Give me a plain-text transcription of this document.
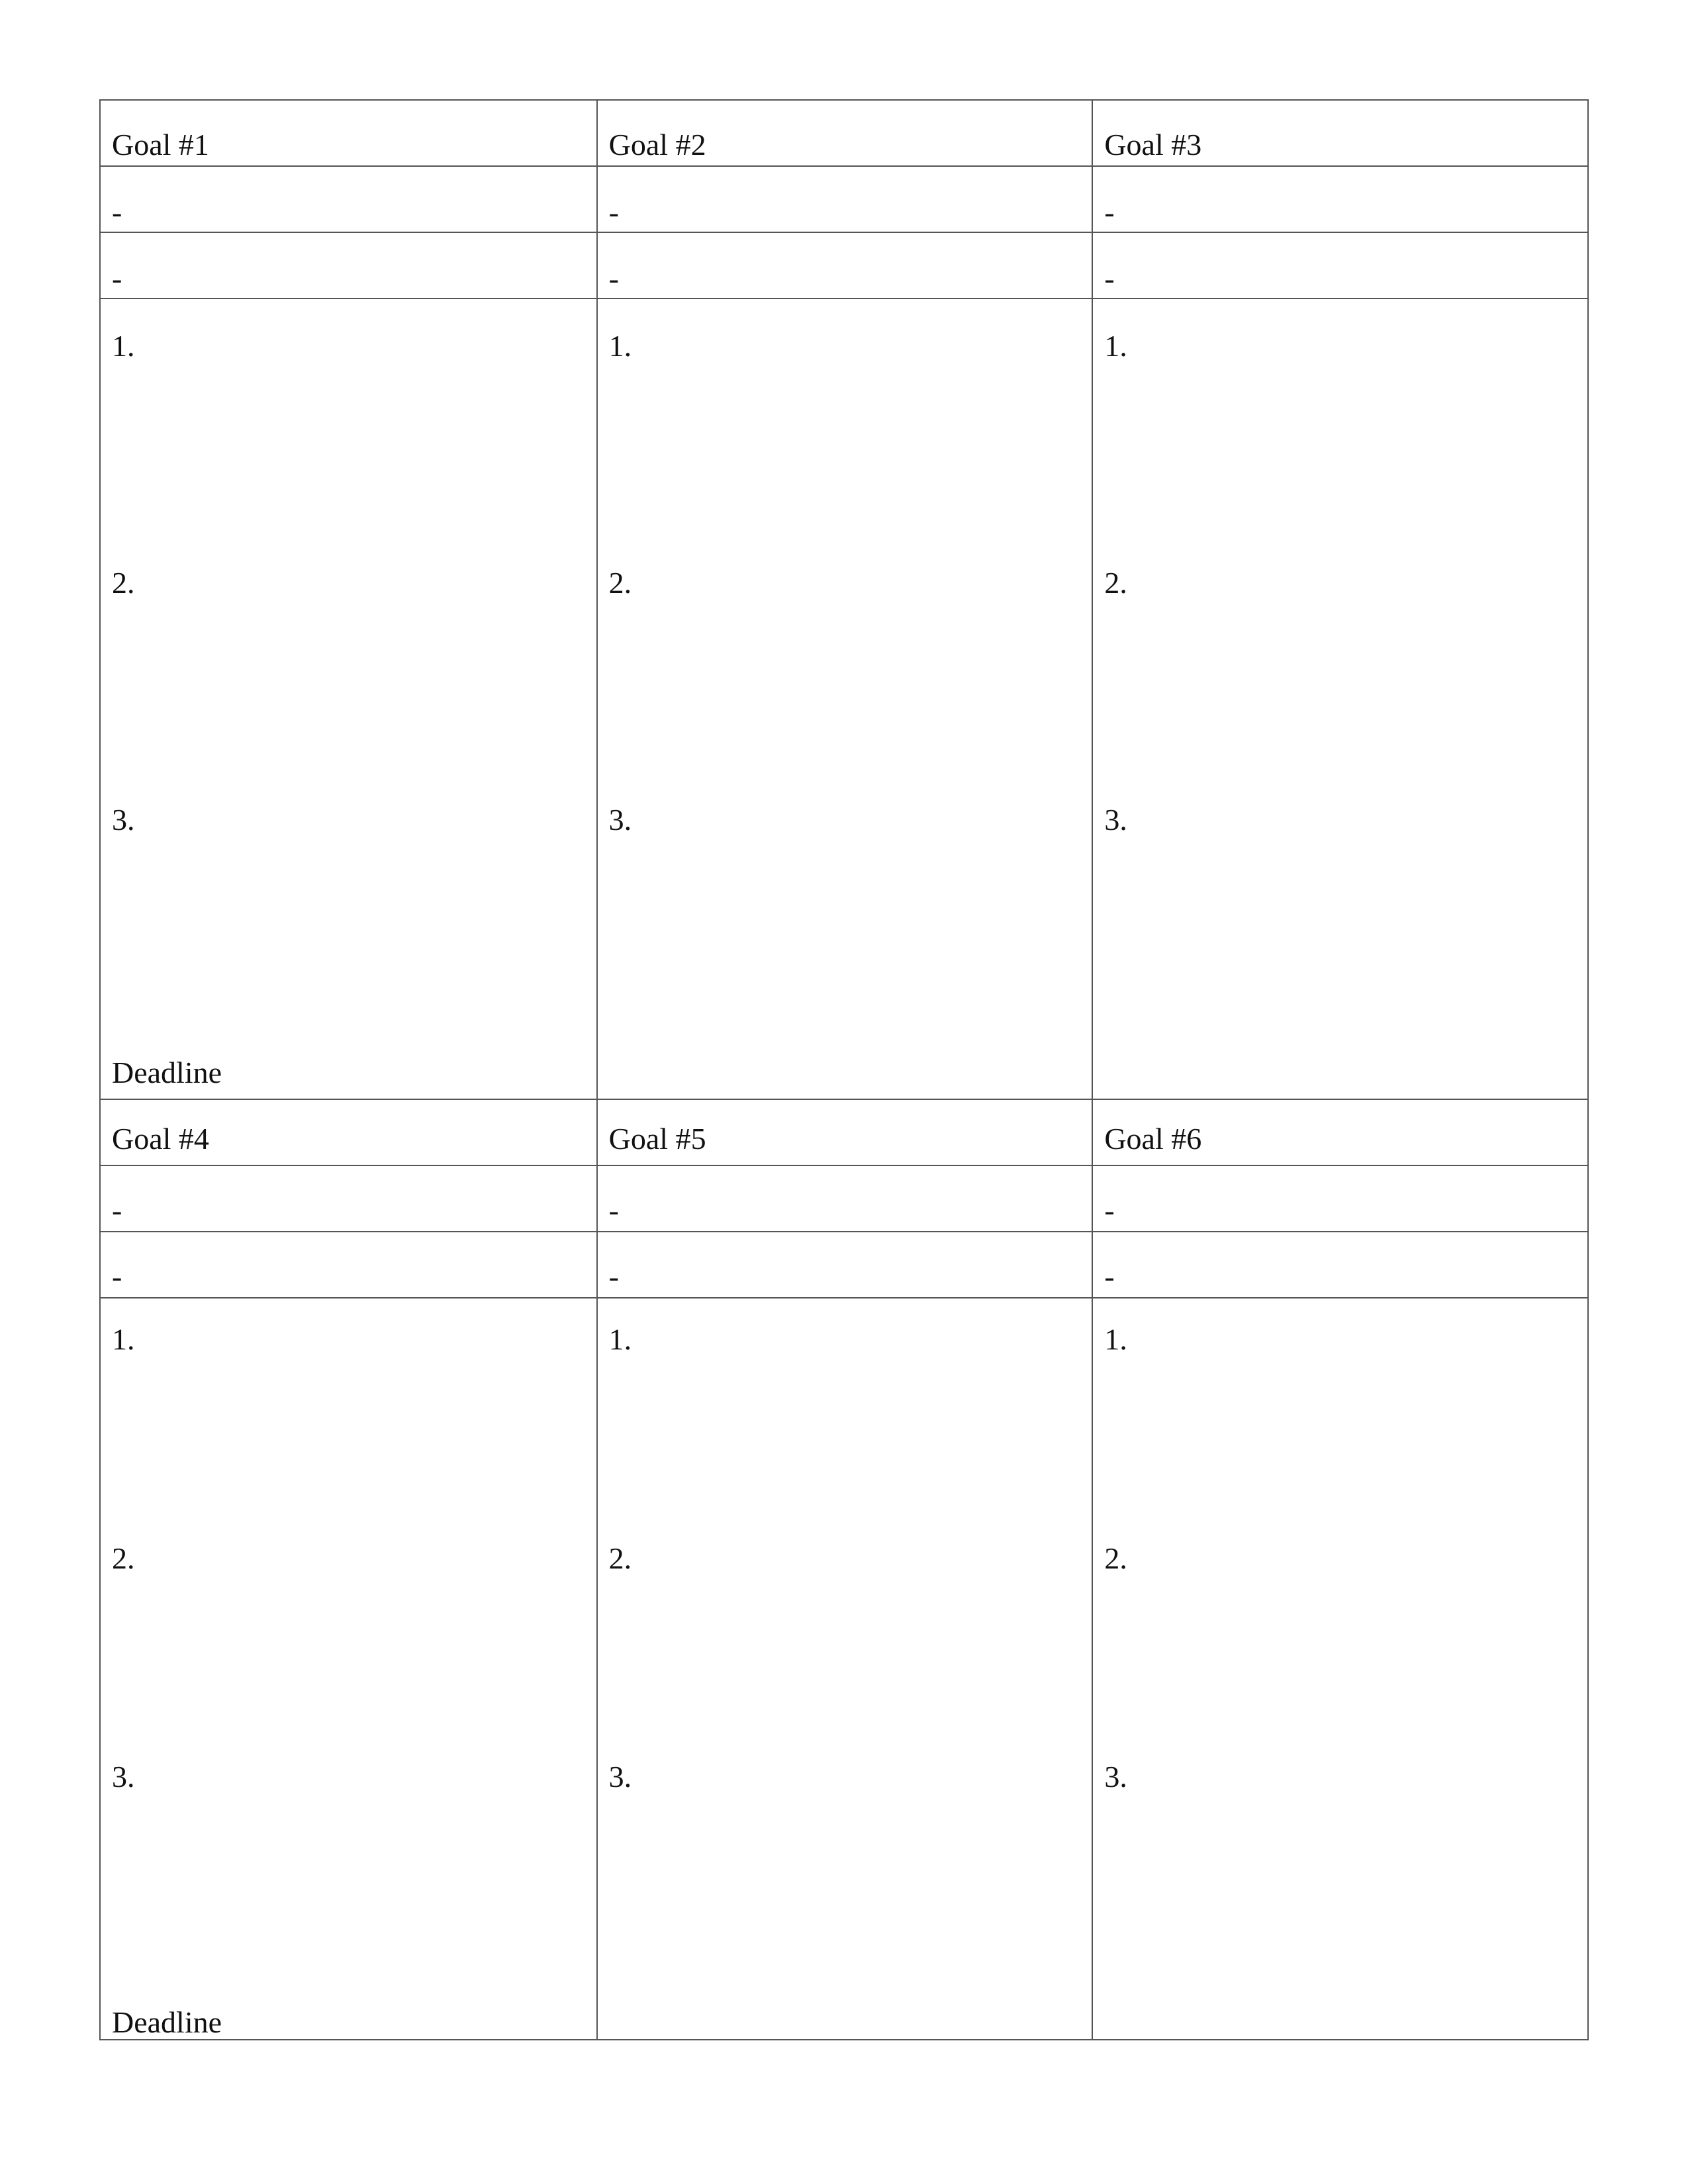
Goal #1
-
-
1.
2.
3.
Deadline
Goal #2
-
-
1.
2.
3.
Goal #3
-
-
1.
2.
3.
Goal #4
-
-
1.
2.
3.
Deadline
Goal #5
-
-
1.
2.
3.
Goal #6
-
-
1.
2.
3.
